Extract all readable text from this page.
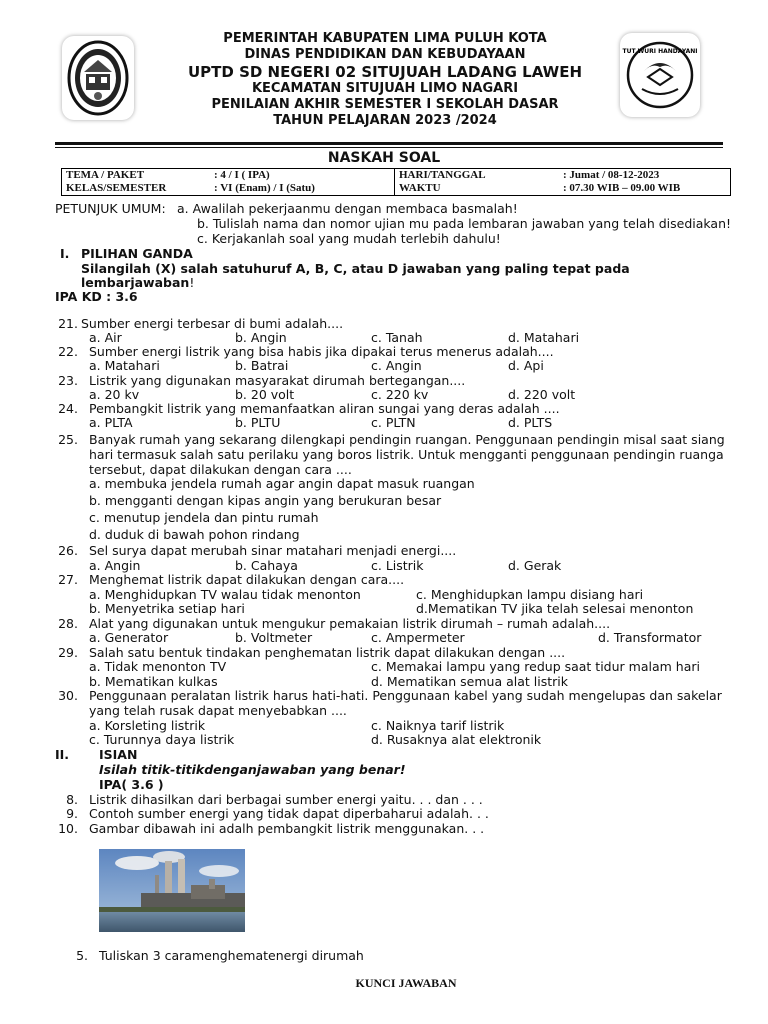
TUT WURI HANDAYANI
PEMERINTAH KABUPATEN LIMA PULUH KOTA
DINAS PENDIDIKAN DAN KEBUDAYAAN
UPTD SD NEGERI 02 SITUJUAH LADANG LAWEH
KECAMATAN SITUJUAH LIMO NAGARI
PENILAIAN AKHIR SEMESTER I SEKOLAH DASAR
TAHUN PELAJARAN 2023 /2024
NASKAH SOAL
TEMA / PAKET	: 4 / I ( IPA)	HARI/TANGGAL	: Jumat / 08-12-2023
KELAS/SEMESTER	: VI (Enam) / I (Satu)	WAKTU	: 07.30 WIB – 09.00 WIB
PETUNJUK UMUM: a. Awalilah pekerjaanmu dengan membaca basmalah!
b. Tulislah nama dan nomor ujian mu pada lembaran jawaban yang telah disediakan!
c. Kerjakanlah soal yang mudah terlebih dahulu!
I. PILIHAN GANDA
Silangilah (X) salah satuhuruf A, B, C, atau D jawaban yang paling tepat pada
lembarjawaban!
IPA KD : 3.6
21. Sumber energi terbesar di bumi adalah....
a. Air	b. Angin	c. Tanah	d. Matahari
22. Sumber energi listrik yang bisa habis jika dipakai terus menerus adalah....
a. Matahari	b. Batrai	c. Angin	d. Api
23. Listrik yang digunakan masyarakat dirumah bertegangan....
a. 20 kv	b. 20 volt	c. 220 kv	d. 220 volt
24. Pembangkit listrik yang memanfaatkan aliran sungai yang deras adalah ....
a. PLTA	b. PLTU	c. PLTN	d. PLTS
25. Banyak rumah yang sekarang dilengkapi pendingin ruangan. Penggunaan pendingin misal saat siang
hari termasuk salah satu perilaku yang boros listrik. Untuk mengganti penggunaan pendingin ruanga
tersebut, dapat dilakukan dengan cara ....
a. membuka jendela rumah agar angin dapat masuk ruangan
b. mengganti dengan kipas angin yang berukuran besar
c. menutup jendela dan pintu rumah
d. duduk di bawah pohon rindang
26. Sel surya dapat merubah sinar matahari menjadi energi....
a. Angin	b. Cahaya	c. Listrik	d. Gerak
27. Menghemat listrik dapat dilakukan dengan cara....
a. Menghidupkan TV walau tidak menonton	c. Menghidupkan lampu disiang hari
b. Menyetrika setiap hari	d.Mematikan TV jika telah selesai menonton
28. Alat yang digunakan untuk mengukur pemakaian listrik dirumah – rumah adalah....
a. Generator	b. Voltmeter	c. Ampermeter	d. Transformator
29. Salah satu bentuk tindakan penghematan listrik dapat dilakukan dengan ....
a. Tidak menonton TV	c. Memakai lampu yang redup saat tidur malam hari
b. Mematikan kulkas	d. Mematikan semua alat listrik
30. Penggunaan peralatan listrik harus hati-hati. Penggunaan kabel yang sudah mengelupas dan sakelar
yang telah rusak dapat menyebabkan ....
a. Korsleting listrik	c. Naiknya tarif listrik
c. Turunnya daya listrik	d. Rusaknya alat elektronik
II. ISIAN
Isilah titik-titikdenganjawaban yang benar!
IPA( 3.6 )
8. Listrik dihasilkan dari berbagai sumber energi yaitu. . . dan . . .
9. Contoh sumber energi yang tidak dapat diperbaharui adalah. . .
10. Gambar dibawah ini adalh pembangkit listrik menggunakan. . .
5. Tuliskan 3 caramenghematenergi dirumah
KUNCI JAWABAN
